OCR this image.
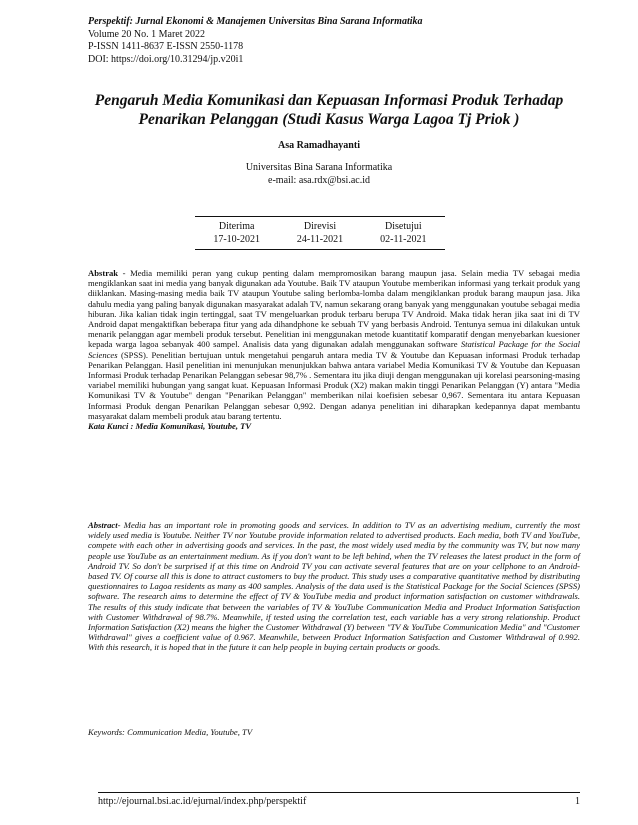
Perspektif: Jurnal Ekonomi & Manajemen Universitas Bina Sarana Informatika
Volume 20 No. 1 Maret 2022
P-ISSN 1411-8637 E-ISSN 2550-1178
DOI: https://doi.org/10.31294/jp.v20i1
Pengaruh Media Komunikasi dan Kepuasan Informasi Produk Terhadap Penarikan Pelanggan (Studi Kasus Warga Lagoa Tj Priok )
Asa Ramadhayanti
Universitas Bina Sarana Informatika
e-mail: asa.rdx@bsi.ac.id
Diterima
17-10-2021
Direvisi
24-11-2021
Disetujui
02-11-2021
Abstrak - Media memiliki peran yang cukup penting dalam mempromosikan barang maupun jasa. Selain media TV sebagai media mengiklankan saat ini media yang banyak digunakan ada Youtube. Baik TV ataupun Youtube memberikan informasi yang terkait produk yang diiklankan. Masing-masing media baik TV ataupun Youtube saling berlomba-lomba dalam mengiklankan produk barang maupun jasa. Jika dahulu media yang paling banyak digunakan masyarakat adalah TV, namun sekarang orang banyak yang menggunakan youtube sebagai media hiburan. Jika kalian tidak ingin tertinggal, saat TV mengeluarkan produk terbaru berupa TV Android. Maka tidak heran jika saat ini di TV Android dapat mengaktifkan beberapa fitur yang ada dihandphone ke sebuah TV yang berbasis Android. Tentunya semua ini dilakukan untuk menarik pelanggan agar membeli produk tersebut. Penelitian ini menggunakan metode kuantitatif komparatif dengan menyebarkan kuesioner kepada warga lagoa sebanyak 400 sampel. Analisis data yang digunakan adalah menggunakan software Statistical Package for the Social Sciences (SPSS). Penelitian bertujuan untuk mengetahui pengaruh antara media TV & Youtube dan Kepuasan informasi Produk terhadap Penarikan Pelanggan. Hasil penelitian ini menunjukan menunjukkan bahwa antara variabel Media Komunikasi TV & Youtube dan Kepuasan Informasi Produk terhadap Penarikan Pelanggan sebesar 98,7% . Sementara itu jika diuji dengan menggunakan uji korelasi pearsoning-masing variabel memiliki hubungan yang sangat kuat. Kepuasan Informasi Produk (X2) makan makin tinggi Penarikan Pelanggan (Y) antara "Media Komunikasi TV & Youtube" dengan "Penarikan Pelanggan" memberikan nilai koefisien sebesar 0,967. Sementara itu antara Kepuasan Informasi Produk dengan Penarikan Pelanggan sebesar 0,992. Dengan adanya penelitian ini diharapkan kedepannya dapat membantu masyarakat dalam membeli produk atau barang tertentu.
Kata Kunci : Media Komunikasi, Youtube, TV
Abstract- Media has an important role in promoting goods and services. In addition to TV as an advertising medium, currently the most widely used media is Youtube. Neither TV nor Youtube provide information related to advertised products. Each media, both TV and YouTube, compete with each other in advertising goods and services. In the past, the most widely used media by the community was TV, but now many people use YouTube as an entertainment medium. As if you don't want to be left behind, when the TV releases the latest product in the form of Android TV. So don't be surprised if at this time on Android TV you can activate several features that are on your cellphone to an Android-based TV. Of course all this is done to attract customers to buy the product. This study uses a comparative quantitative method by distributing questionnaires to Lagoa residents as many as 400 samples. Analysis of the data used is the Statistical Package for the Social Sciences (SPSS) software. The research aims to determine the effect of TV & YouTube media and product information satisfaction on customer withdrawals. The results of this study indicate that between the variables of TV & YouTube Communication Media and Product Information Satisfaction with Customer Withdrawal of 98.7%. Meanwhile, if tested using the correlation test, each variable has a very strong relationship. Product Information Satisfaction (X2) means the higher the Customer Withdrawal (Y) between "TV & YouTube Communication Media" and "Customer Withdrawal" gives a coefficient value of 0.967. Meanwhile, between Product Information Satisfaction and Customer Withdrawal of 0.992. With this research, it is hoped that in the future it can help people in buying certain products or goods.
Keywords: Communication Media, Youtube, TV
http://ejournal.bsi.ac.id/ejurnal/index.php/perspektif	1
